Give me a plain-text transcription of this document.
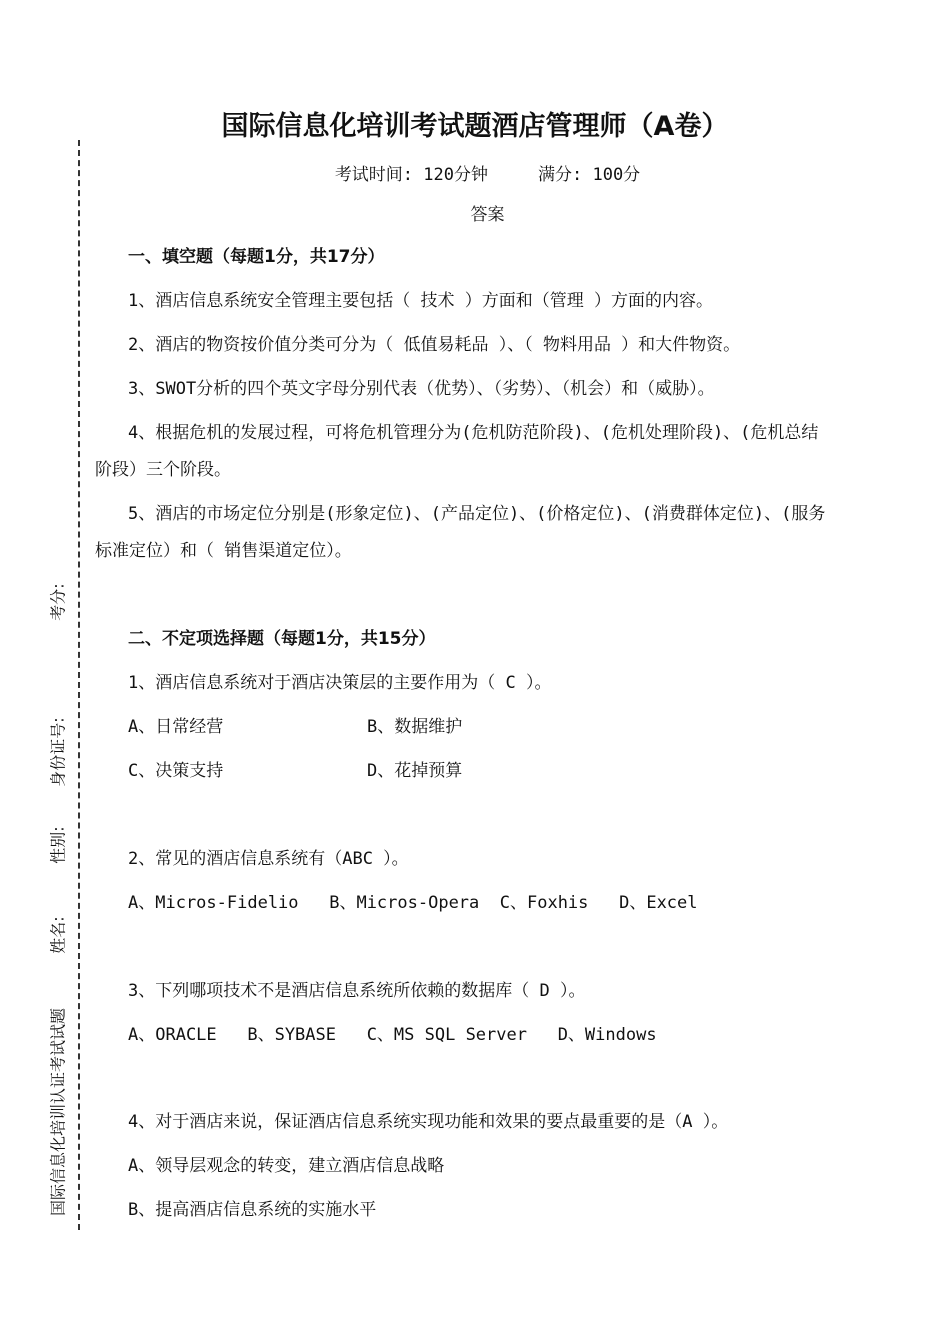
国际信息化培训认证考试试题
姓名:
性别:
身份证号:
考分:
国际信息化培训考试题酒店管理师（A卷）
考试时间: 120分钟	满分: 100分
答案
一、填空题（每题1分，共17分）
1、酒店信息系统安全管理主要包括（ 技术 ）方面和（管理 ）方面的内容。
2、酒店的物资按价值分类可分为（ 低值易耗品 ）、（ 物料用品 ）和大件物资。
3、SWOT分析的四个英文字母分别代表（优势）、（劣势）、（机会）和（威胁）。
4、根据危机的发展过程，可将危机管理分为(危机防范阶段)、(危机处理阶段)、(危机总结
阶段）三个阶段。
5、酒店的市场定位分别是(形象定位)、(产品定位)、(价格定位)、(消费群体定位)、(服务
标准定位）和（ 销售渠道定位）。
二、不定项选择题（每题1分，共15分）
1、酒店信息系统对于酒店决策层的主要作用为（ C ）。
A、日常经营	B、数据维护
C、决策支持	D、花掉预算
2、常见的酒店信息系统有（ABC ）。
A、Micros-Fidelio   B、Micros-Opera  C、Foxhis   D、Excel
3、下列哪项技术不是酒店信息系统所依赖的数据库（ D ）。
A、ORACLE   B、SYBASE   C、MS SQL Server   D、Windows
4、对于酒店来说，保证酒店信息系统实现功能和效果的要点最重要的是（A ）。
A、领导层观念的转变，建立酒店信息战略
B、提高酒店信息系统的实施水平
